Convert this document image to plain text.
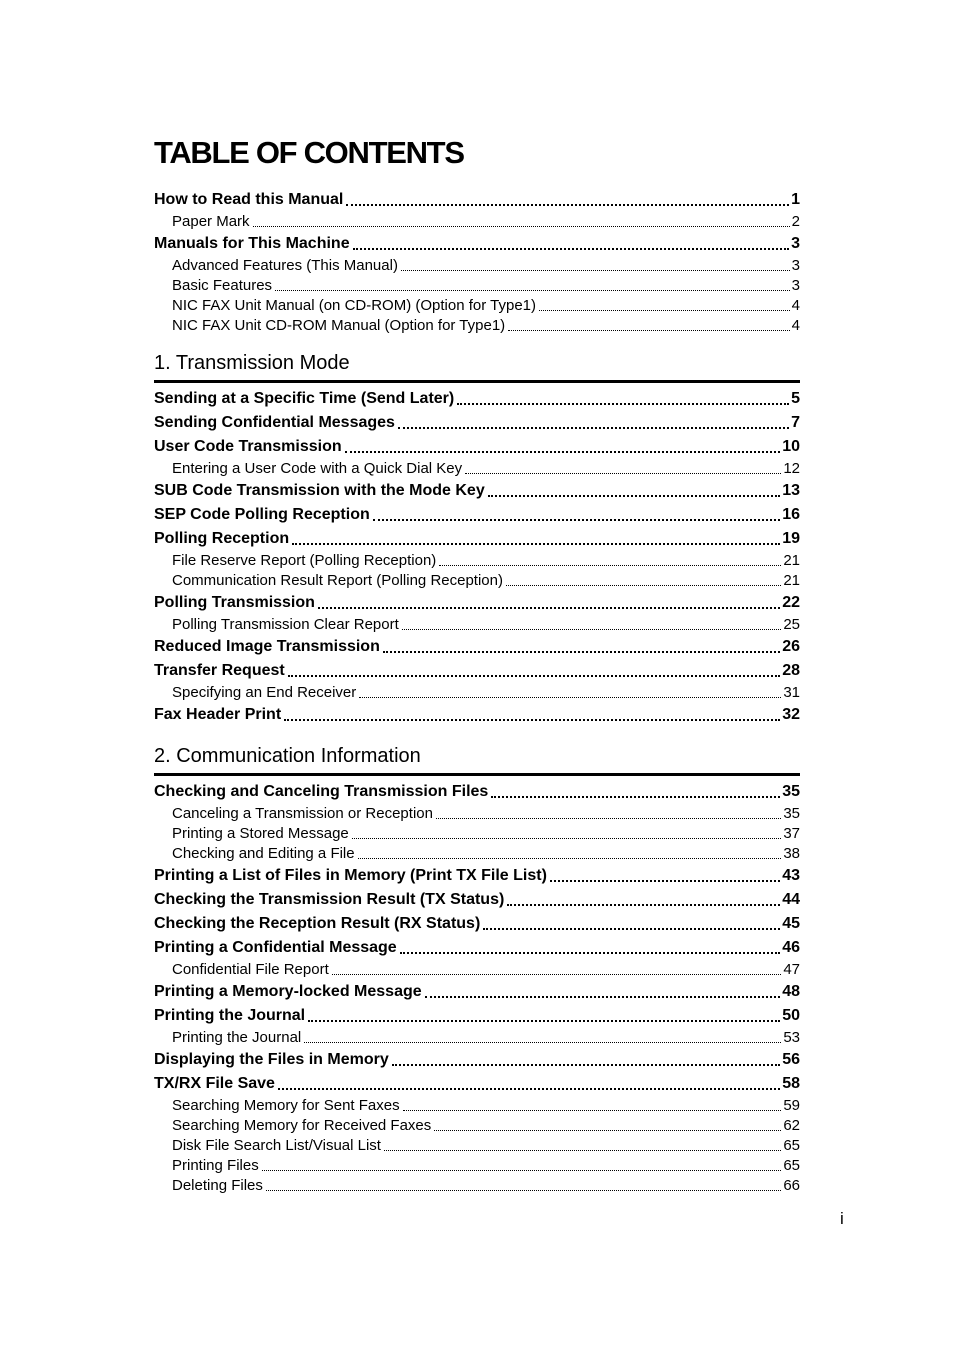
TABLE OF CONTENTS
How to Read this Manual	1
Paper Mark	2
Manuals for This Machine	3
Advanced Features (This Manual)	3
Basic Features	3
NIC FAX Unit Manual (on CD-ROM) (Option for Type1)	4
NIC FAX Unit CD-ROM Manual (Option for Type1)	4
1. Transmission Mode
Sending at a Specific Time (Send Later)	5
Sending Confidential Messages	7
User Code Transmission	10
Entering a User Code with a Quick Dial Key	12
SUB Code Transmission with the Mode Key	13
SEP Code Polling Reception	16
Polling Reception	19
File Reserve Report (Polling Reception)	21
Communication Result Report (Polling Reception)	21
Polling Transmission	22
Polling Transmission Clear Report	25
Reduced Image Transmission	26
Transfer Request	28
Specifying an End Receiver	31
Fax Header Print	32
2. Communication Information
Checking and Canceling Transmission Files	35
Canceling a Transmission or Reception	35
Printing a Stored Message	37
Checking and Editing a File	38
Printing a List of Files in Memory (Print TX File List)	43
Checking the Transmission Result (TX Status)	44
Checking the Reception Result (RX Status)	45
Printing a Confidential Message	46
Confidential File Report	47
Printing a Memory-locked Message	48
Printing the Journal	50
Printing the Journal	53
Displaying the Files in Memory	56
TX/RX File Save	58
Searching Memory for Sent Faxes	59
Searching Memory for Received Faxes	62
Disk File Search List/Visual List	65
Printing Files	65
Deleting Files	66
i
